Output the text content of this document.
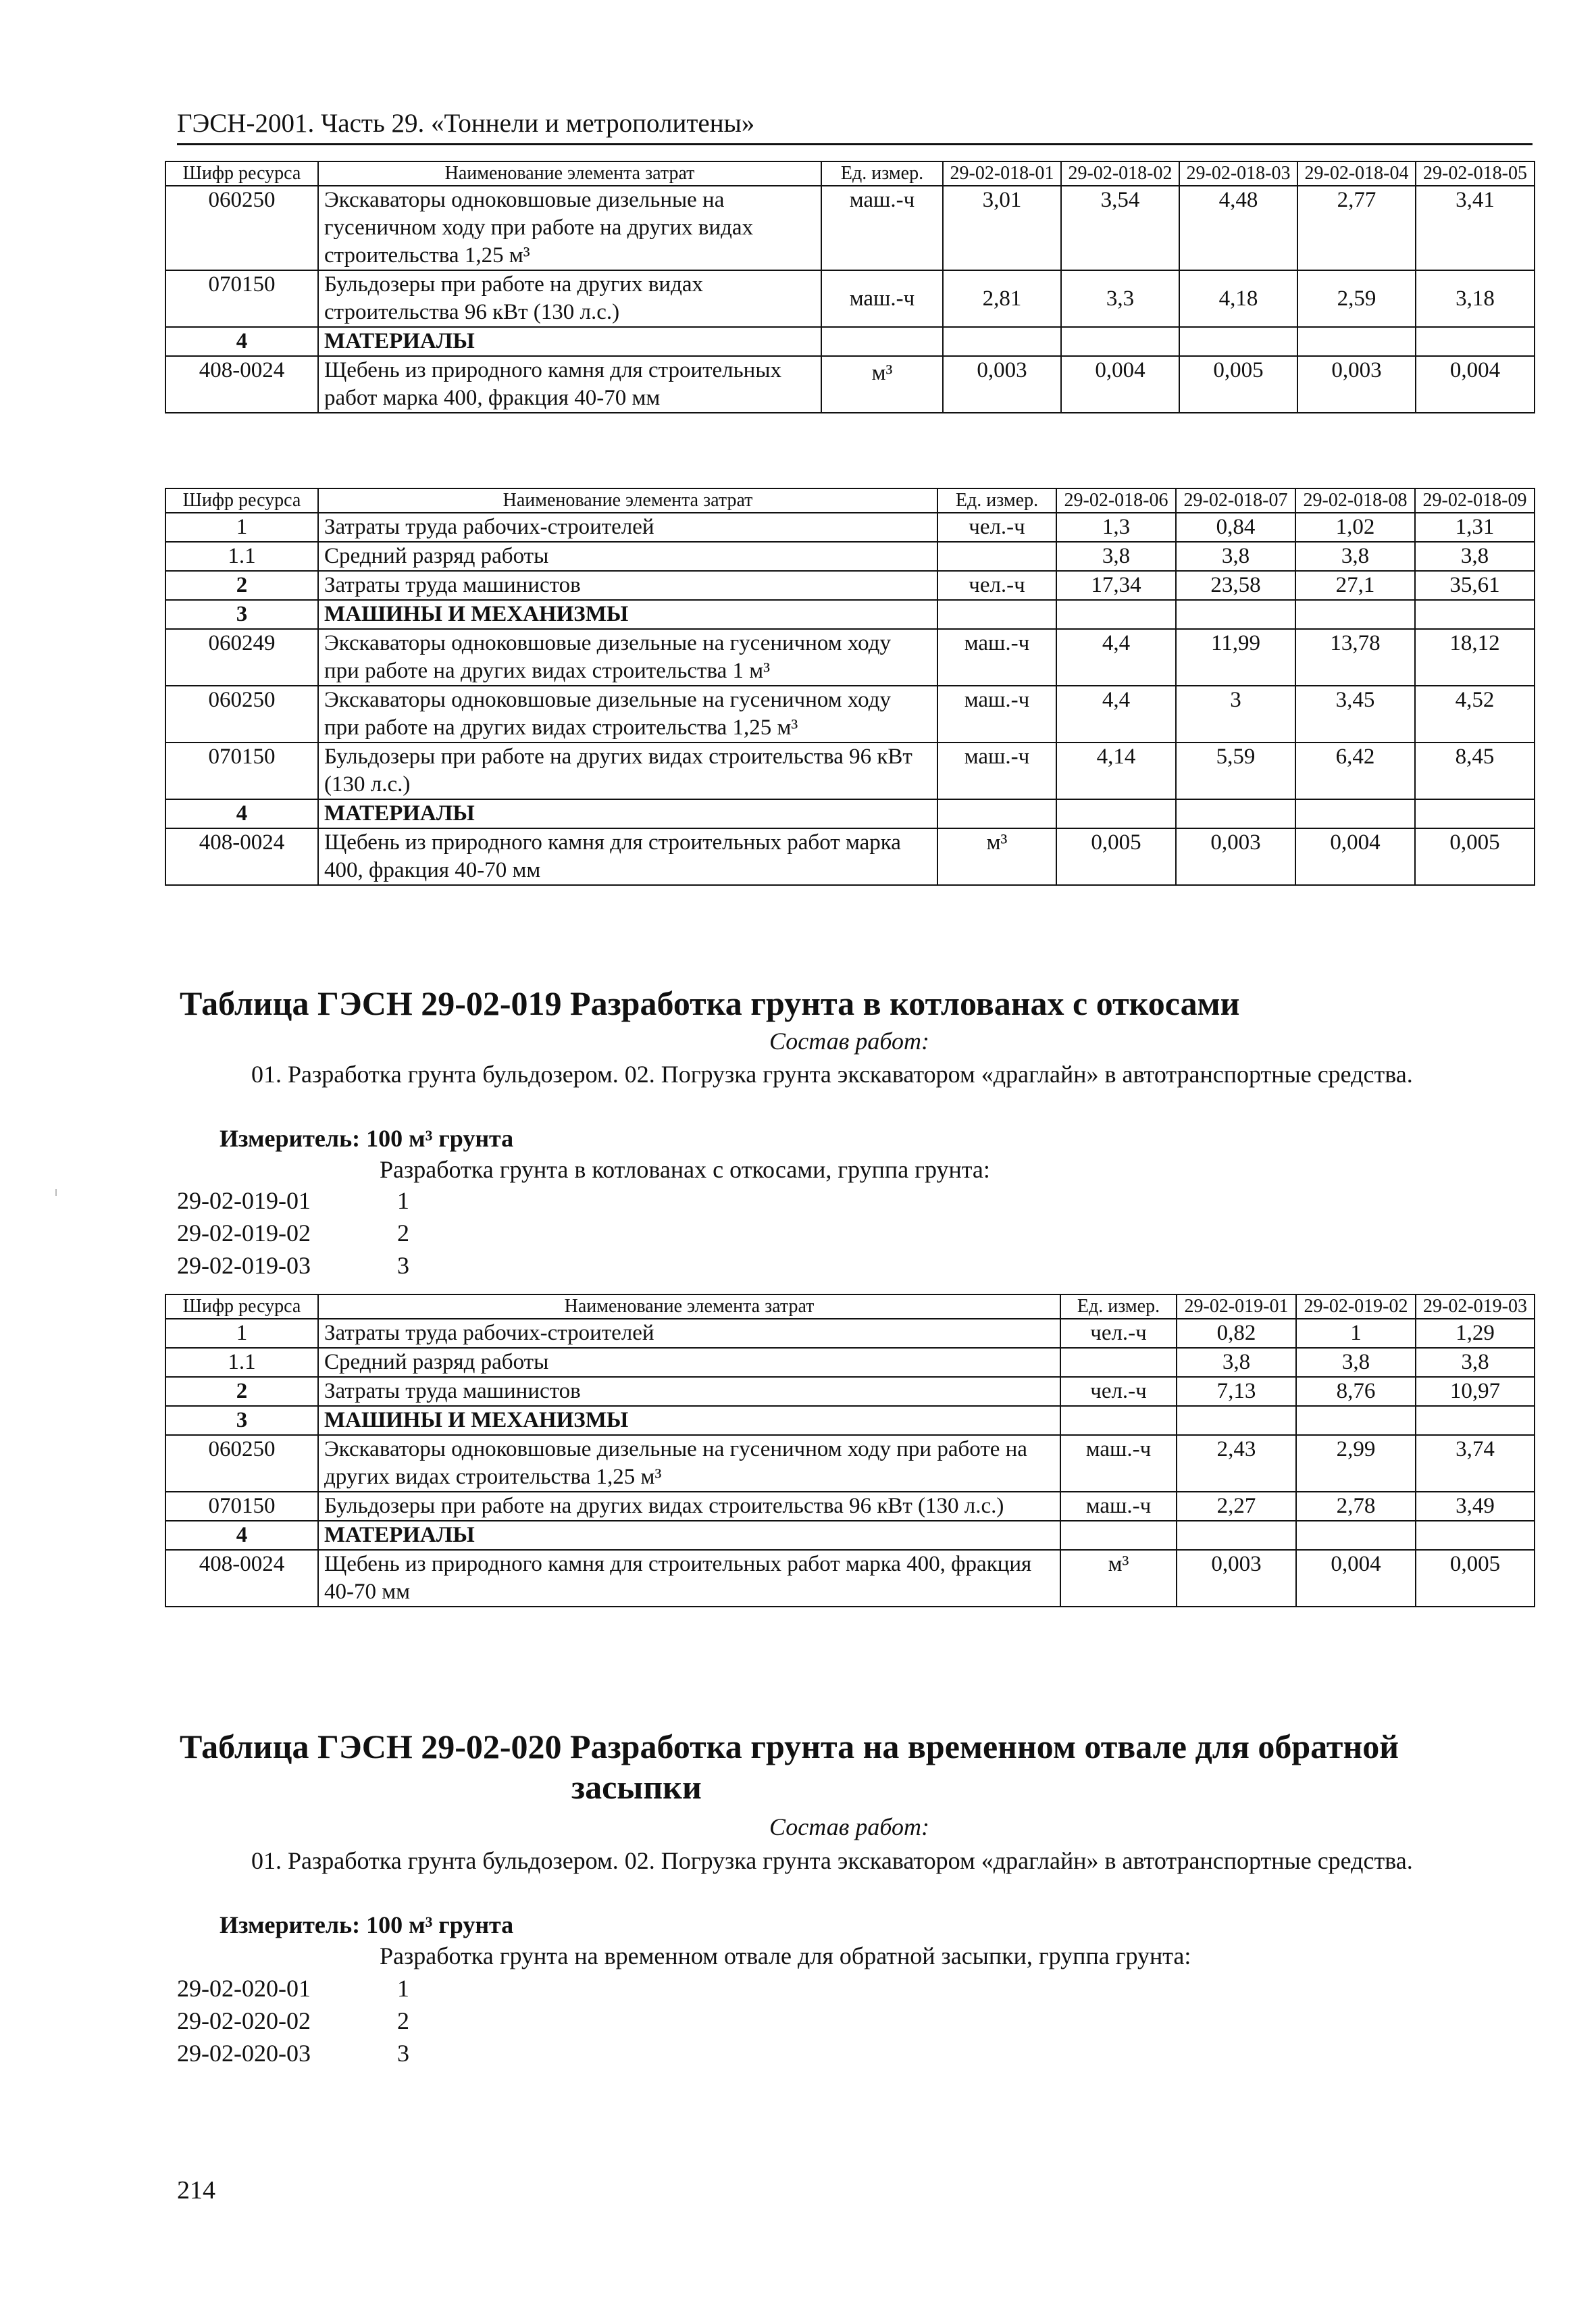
ГЭСН-2001. Часть 29. «Тоннели и метрополитены»
Шифр ресурса	Наименование элемента затрат	Ед. измер.	29-02-018-01	29-02-018-02	29-02-018-03	29-02-018-04	29-02-018-05
060250	Экскаваторы одноковшовые дизельные на гусеничном ходу при работе на других видах строительства 1,25 м³	маш.-ч	3,01	3,54	4,48	2,77	3,41
070150	Бульдозеры при работе на других видах строительства 96 кВт (130 л.с.)	маш.-ч	2,81	3,3	4,18	2,59	3,18
4	МАТЕРИАЛЫ						
408-0024	Щебень из природного камня для строительных работ марка 400, фракция 40-70 мм	м³	0,003	0,004	0,005	0,003	0,004
Шифр ресурса	Наименование элемента затрат	Ед. измер.	29-02-018-06	29-02-018-07	29-02-018-08	29-02-018-09
1	Затраты труда рабочих-строителей	чел.-ч	1,3	0,84	1,02	1,31
1.1	Средний разряд работы		3,8	3,8	3,8	3,8
2	Затраты труда машинистов	чел.-ч	17,34	23,58	27,1	35,61
3	МАШИНЫ И МЕХАНИЗМЫ					
060249	Экскаваторы одноковшовые дизельные на гусеничном ходу при работе на других видах строительства 1 м³	маш.-ч	4,4	11,99	13,78	18,12
060250	Экскаваторы одноковшовые дизельные на гусеничном ходу при работе на других видах строительства 1,25 м³	маш.-ч	4,4	3	3,45	4,52
070150	Бульдозеры при работе на других видах строительства 96 кВт (130 л.с.)	маш.-ч	4,14	5,59	6,42	8,45
4	МАТЕРИАЛЫ					
408-0024	Щебень из природного камня для строительных работ марка 400, фракция 40-70 мм	м³	0,005	0,003	0,004	0,005
Таблица ГЭСН 29-02-019 Разработка грунта в котлованах с откосами
Состав работ:
01. Разработка грунта бульдозером. 02. Погрузка грунта экскаватором «драглайн» в автотранспортные средства.
Измеритель: 100 м³ грунта
Разработка грунта в котлованах с откосами, группа грунта:
29-02-019-01	1
29-02-019-02	2
29-02-019-03	3
Шифр ресурса	Наименование элемента затрат	Ед. измер.	29-02-019-01	29-02-019-02	29-02-019-03
1	Затраты труда рабочих-строителей	чел.-ч	0,82	1	1,29
1.1	Средний разряд работы		3,8	3,8	3,8
2	Затраты труда машинистов	чел.-ч	7,13	8,76	10,97
3	МАШИНЫ И МЕХАНИЗМЫ				
060250	Экскаваторы одноковшовые дизельные на гусеничном ходу при работе на других видах строительства 1,25 м³	маш.-ч	2,43	2,99	3,74
070150	Бульдозеры при работе на других видах строительства 96 кВт (130 л.с.)	маш.-ч	2,27	2,78	3,49
4	МАТЕРИАЛЫ				
408-0024	Щебень из природного камня для строительных работ марка 400, фракция 40-70 мм	м³	0,003	0,004	0,005
Таблица ГЭСН 29-02-020 Разработка грунта на временном отвале для обратной
засыпки
Состав работ:
01. Разработка грунта бульдозером. 02. Погрузка грунта экскаватором «драглайн» в автотранспортные средства.
Измеритель: 100 м³ грунта
Разработка грунта на временном отвале для обратной засыпки, группа грунта:
29-02-020-01	1
29-02-020-02	2
29-02-020-03	3
214
